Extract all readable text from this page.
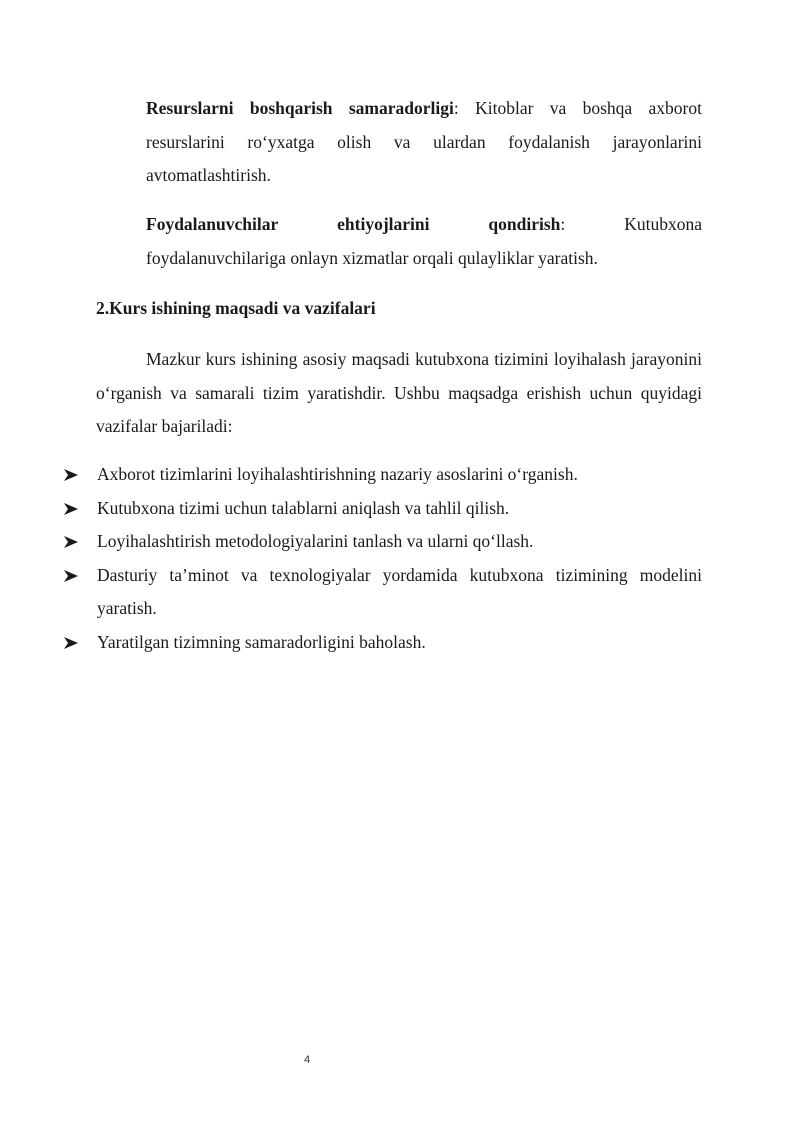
Resurslarni boshqarish samaradorligi: Kitoblar va boshqa axborot resurslarini ro‘yxatga olish va ulardan foydalanish jarayonlarini avtomatlashtirish.

Foydalanuvchilar	ehtiyojlarini	qondirish:	Kutubxona
foydalanuvchilariga onlayn xizmatlar orqali qulayliklar yaratish.
2.Kurs ishining maqsadi va vazifalari

Mazkur kurs ishining asosiy maqsadi kutubxona tizimini loyihalash jarayonini o‘rganish va samarali tizim yaratishdir. Ushbu maqsadga erishish uchun quyidagi vazifalar bajariladi:

Axborot tizimlarini loyihalashtirishning nazariy asoslarini o‘rganish.
Kutubxona tizimi uchun talablarni aniqlash va tahlil qilish.
Loyihalashtirish metodologiyalarini tanlash va ularni qo‘llash.
Dasturiy ta’minot va texnologiyalar yordamida kutubxona tizimining modelini yaratish.
Yaratilgan tizimning samaradorligini baholash.
4
